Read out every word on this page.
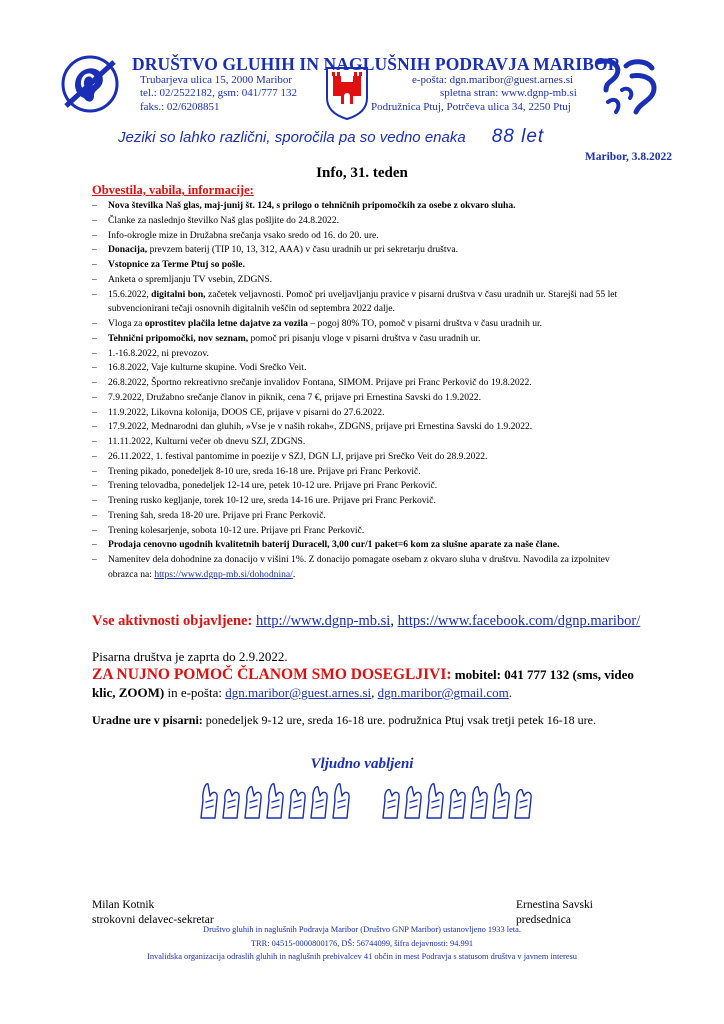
DRUŠTVO GLUHIH IN NAGLUŠNIH PODRAVJA MARIBOR
Trubarjeva ulica 15, 2000 Maribor
tel.: 02/2522182, gsm: 041/777 132
faks.: 02/6208851
e-pošta: dgn.maribor@guest.arnes.si
spletna stran: www.dgnp-mb.si
Podružnica Ptuj, Potrčeva ulica 34, 2250 Ptuj
Jeziki so lahko različni, sporočila pa so vedno enaka 88 let
Maribor, 3.8.2022
Info, 31. teden
Obvestila, vabila, informacije:
– Nova številka Naš glas, maj-junij št. 124, s prilogo o tehničnih pripomočkih za osebe z okvaro sluha.
– Članke za naslednjo številko Naš glas pošljite do 24.8.2022.
– Info-okrogle mize in Družabna srečanja vsako sredo od 16. do 20. ure.
– Donacija, prevzem baterij (TIP 10, 13, 312, AAA) v času uradnih ur pri sekretarju društva.
– Vstopnice za Terme Ptuj so pošle.
– Anketa o spremljanju TV vsebin, ZDGNS.
– 15.6.2022, digitalni bon, začetek veljavnosti. Pomoč pri uveljavljanju pravice v pisarni društva v času uradnih ur. Starejši nad 55 let subvencionirani tečaji osnovnih digitalnih veščin od septembra 2022 dalje.
– Vloga za oprostitev plačila letne dajatve za vozila – pogoj 80% TO, pomoč v pisarni društva v času uradnih ur.
– Tehnični pripomočki, nov seznam, pomoč pri pisanju vloge v pisarni društva v času uradnih ur.
– 1.-16.8.2022, ni prevozov.
– 16.8.2022, Vaje kulturne skupine. Vodi Srečko Veit.
– 26.8.2022, Športno rekreativno srečanje invalidov Fontana, SIMOM. Prijave pri Franc Perkovič do 19.8.2022.
– 7.9.2022, Družabno srečanje članov in piknik, cena 7 €, prijave pri Ernestina Savski do 1.9.2022.
– 11.9.2022, Likovna kolonija, DOOS CE, prijave v pisarni do 27.6.2022.
– 17.9.2022, Mednarodni dan gluhih, »Vse je v naših rokah«, ZDGNS, prijave pri Ernestina Savski do 1.9.2022.
– 11.11.2022, Kulturni večer ob dnevu SZJ, ZDGNS.
– 26.11.2022, 1. festival pantomime in poezije v SZJ, DGN LJ, prijave pri Srečko Veit do 28.9.2022.
– Trening pikado, ponedeljek 8-10 ure, sreda 16-18 ure. Prijave pri Franc Perkovič.
– Trening telovadba, ponedeljek 12-14 ure, petek 10-12 ure. Prijave pri Franc Perkovič.
– Trening rusko kegljanje, torek 10-12 ure, sreda 14-16 ure. Prijave pri Franc Perkovič.
– Trening šah, sreda 18-20 ure. Prijave pri Franc Perkovič.
– Trening kolesarjenje, sobota 10-12 ure. Prijave pri Franc Perkovič.
– Prodaja cenovno ugodnih kvalitetnih baterij Duracell, 3,00 cur/1 paket=6 kom za slušne aparate za naše člane.
– Namenitev dela dohodnine za donacijo v višini 1%. Z donacijo pomagate osebam z okvaro sluha v društvu. Navodila za izpolnitev obrazca na: https://www.dgnp-mb.si/dohodnina/.
Vse aktivnosti objavljene: http://www.dgnp-mb.si, https://www.facebook.com/dgnp.maribor/
Pisarna društva je zaprta do 2.9.2022.
ZA NUJNO POMOČ ČLANOM SMO DOSEGLJIVI: mobitel: 041 777 132 (sms, video klic, ZOOM) in e-pošta: dgn.maribor@guest.arnes.si, dgn.maribor@gmail.com.
Uradne ure v pisarni: ponedeljek 9-12 ure, sreda 16-18 ure. podružnica Ptuj vsak tretji petek 16-18 ure.
Vljudno vabljeni
Milan Kotnik
strokovni delavec-sekretar
Ernestina Savski
predsednica
Društvo gluhih in naglušnih Podravja Maribor (Društvo GNP Maribor) ustanovljeno 1933 leta.
TRR: 04515-0000800176, DŠ: 56744099, šifra dejavnosti: 94.991
Invalidska organizacija odraslih gluhih in naglušnih prebivalcev 41 občin in mest Podravja s statusom društva v javnem interesu
